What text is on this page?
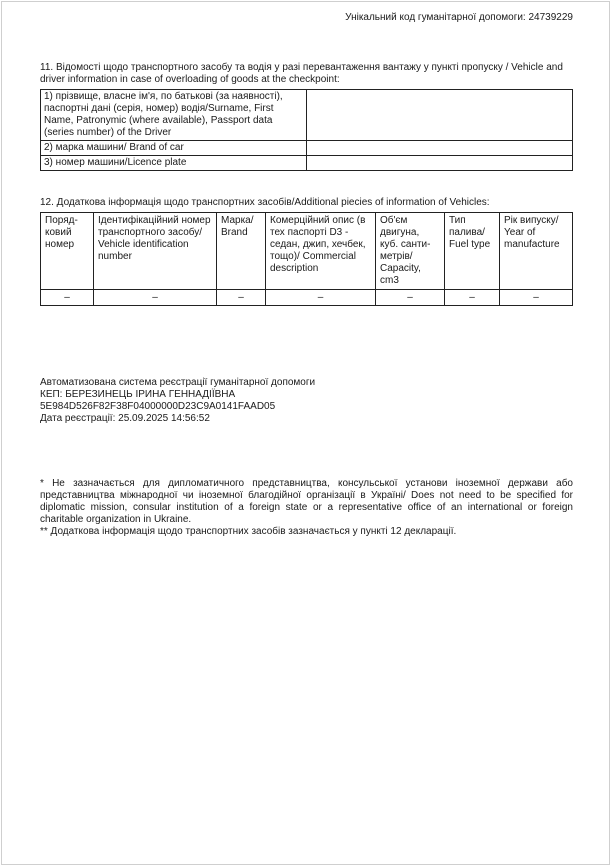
Унікальний код гуманітарної допомоги: 24739229
11. Відомості щодо транспортного засобу та водія у разі перевантаження вантажу у пункті пропуску / Vehicle and driver information in case of overloading of goods at the checkpoint:
1) прізвище, власне ім'я, по батькові (за наявності), паспортні дані (серія, номер) водія/Surname, First Name, Patronymic (where available), Passport data (series number) of the Driver	
2) марка машини/ Brand of car	
3) номер машини/Licence plate	
12. Додаткова інформація щодо транспортних засобів/Additional piecies of information of Vehicles:
Поряд-ковий номер	Ідентифікаційний номер транспортного засобу/ Vehicle identification number	Марка/ Brand	Комерційний опис (в тех паспорті D3 - седан, джип, хечбек, тощо)/ Commercial description	Об'єм двигуна, куб. санти-метрів/ Capacity, cm3	Тип палива/ Fuel type	Рік випуску/ Year of manufacture
–	–	–	–	–	–	–
Автоматизована система реєстрації гуманітарної допомоги
КЕП: БЕРЕЗИНЕЦЬ ІРИНА ГЕННАДІЇВНА
5E984D526F82F38F04000000D23C9A0141FAAD05
Дата реєстрації: 25.09.2025 14:56:52

* Не зазначається для дипломатичного представництва, консульської установи іноземної держави або представництва міжнародної чи іноземної благодійної організації в Україні/ Does not need to be specified for diplomatic mission, consular institution of a foreign state or a representative office of an international or foreign charitable organization in Ukraine.

** Додаткова інформація щодо транспортних засобів зазначається у пункті 12 декларації.
